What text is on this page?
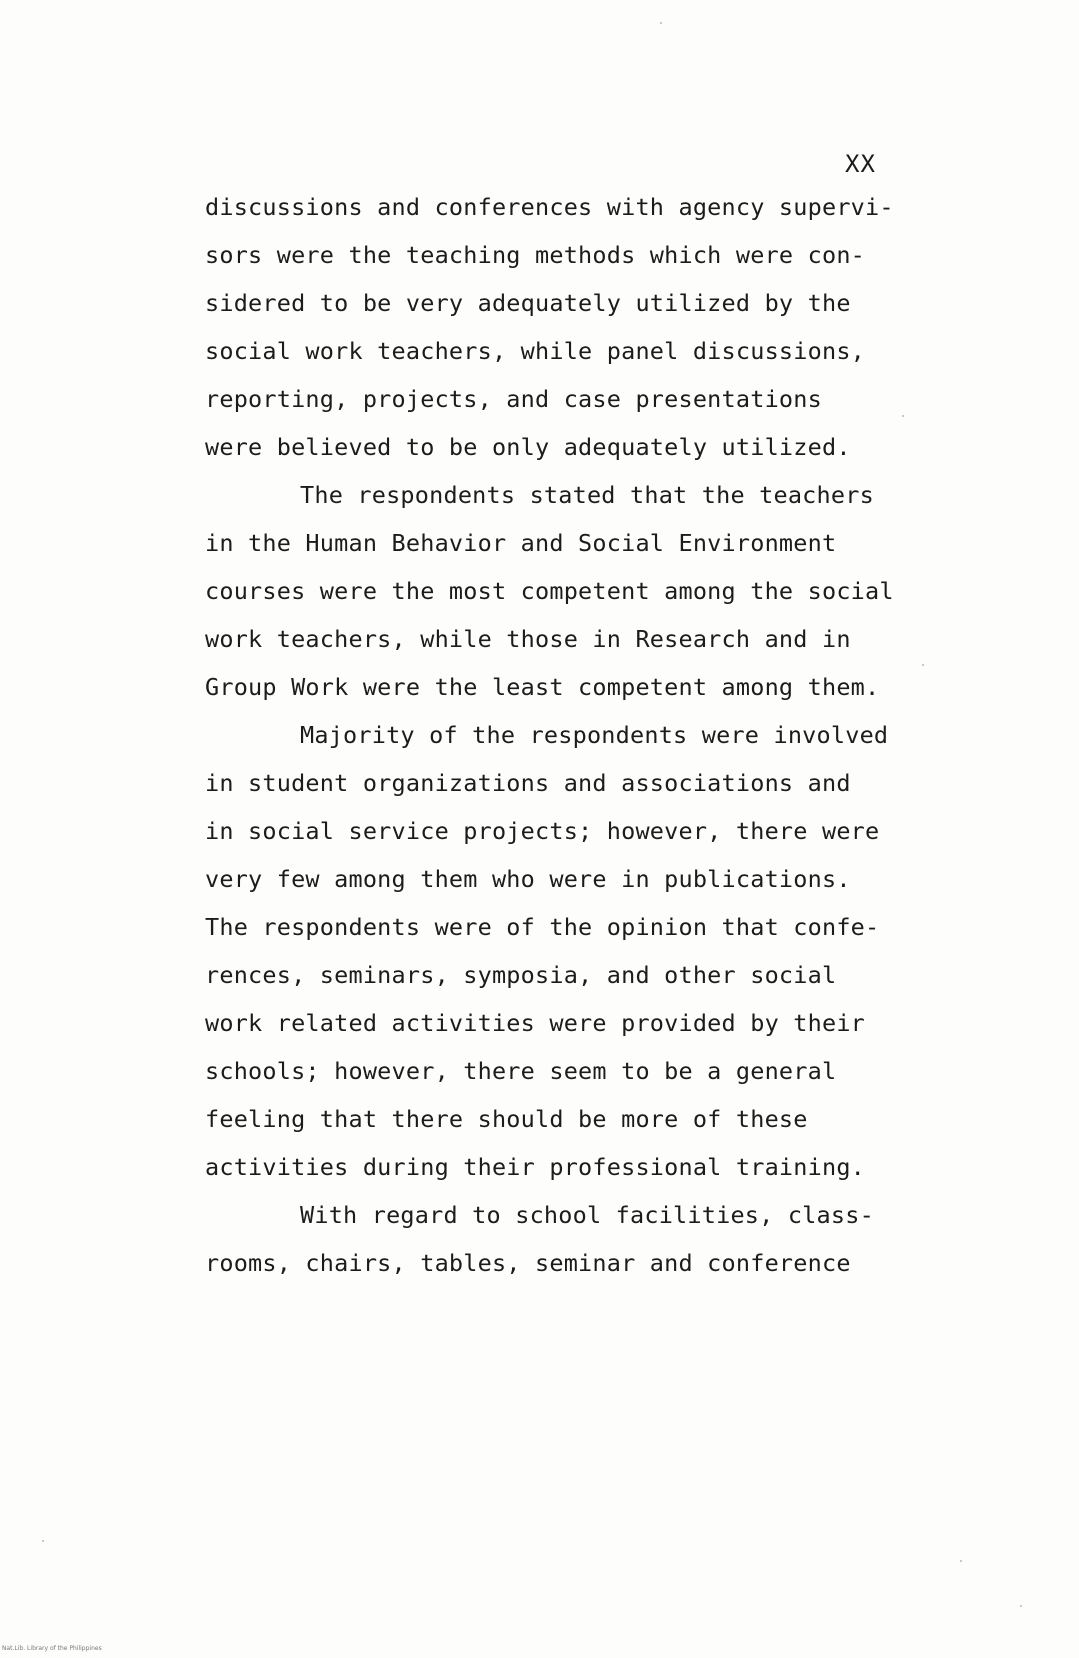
XX
discussions and conferences with agency supervi-
sors were the teaching methods which were con-
sidered to be very adequately utilized by the
social work teachers, while panel discussions,
reporting, projects, and case presentations
were believed to be only adequately utilized.
The respondents stated that the teachers
in the Human Behavior and Social Environment
courses were the most competent among the social
work teachers, while those in Research and in
Group Work were the least competent among them.
Majority of the respondents were involved
in student organizations and associations and
in social service projects; however, there were
very few among them who were in publications.
The respondents were of the opinion that confe-
rences, seminars, symposia, and other social
work related activities were provided by their
schools; however, there seem to be a general
feeling that there should be more of these
activities during their professional training.
With regard to school facilities, class-
rooms, chairs, tables, seminar and conference
Nat.Lib. Library of the Philippines
